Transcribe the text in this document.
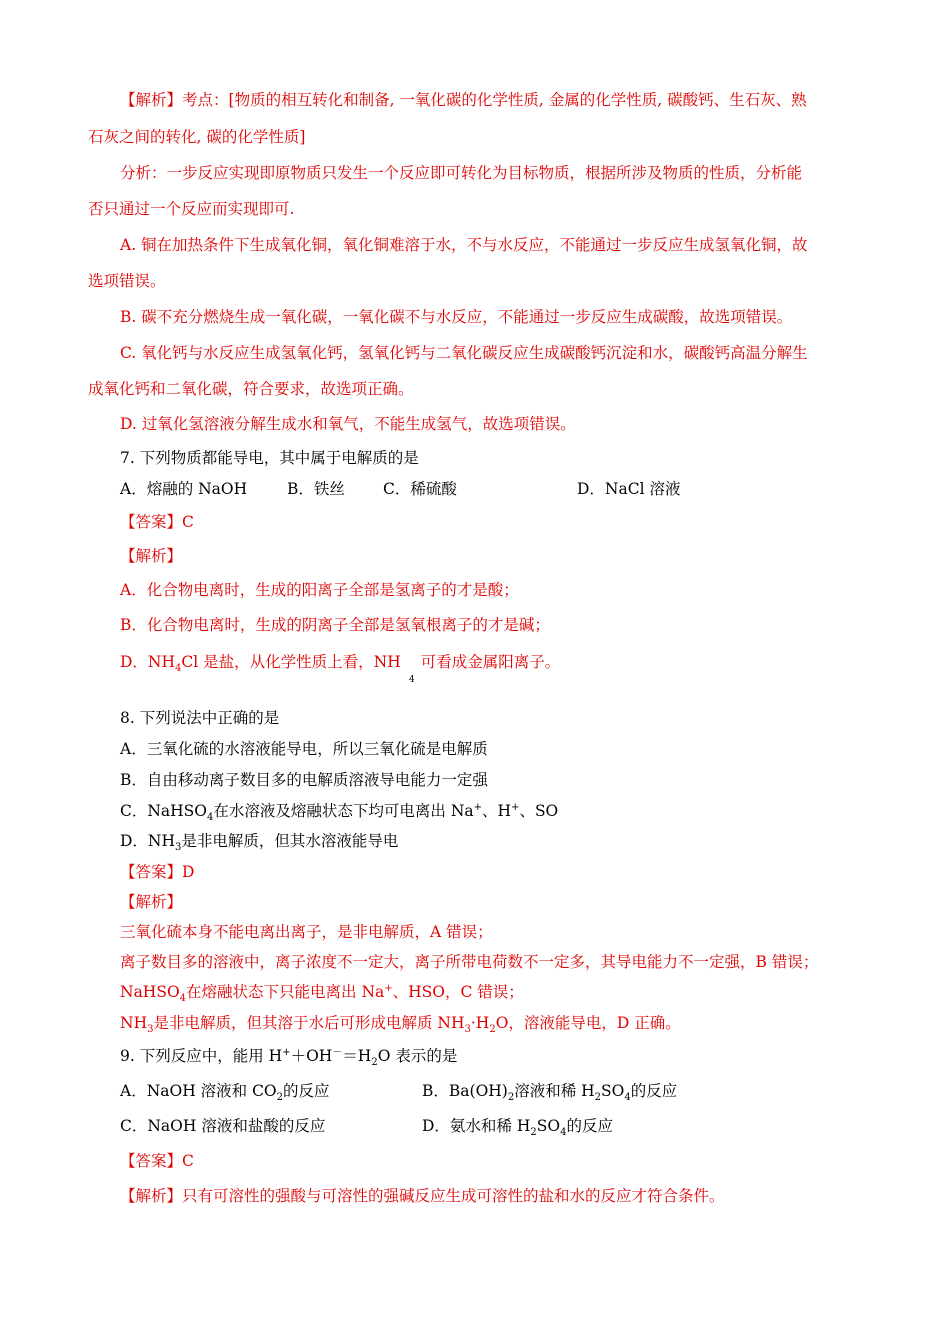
【解析】考点：[物质的相互转化和制备, 一氧化碳的化学性质, 金属的化学性质, 碳酸钙、生石灰、熟
石灰之间的转化, 碳的化学性质]
分析：一步反应实现即原物质只发生一个反应即可转化为目标物质，根据所涉及物质的性质，分析能
否只通过一个反应而实现即可.
A. 铜在加热条件下生成氧化铜，氧化铜难溶于水，不与水反应，不能通过一步反应生成氢氧化铜，故
选项错误。
B. 碳不充分燃烧生成一氧化碳，一氧化碳不与水反应，不能通过一步反应生成碳酸，故选项错误。
C. 氧化钙与水反应生成氢氧化钙，氢氧化钙与二氧化碳反应生成碳酸钙沉淀和水，碳酸钙高温分解生
成氧化钙和二氧化碳，符合要求，故选项正确。
D. 过氧化氢溶液分解生成水和氧气，不能生成氢气，故选项错误。
7. 下列物质都能导电，其中属于电解质的是
A．熔融的 NaOH	B．铁丝 C．稀硫酸	D．NaCl 溶液
【答案】C
【解析】
A．化合物电离时，生成的阳离子全部是氢离子的才是酸；
B．化合物电离时，生成的阴离子全部是氢氧根离子的才是碱；
D．$NH_4Cl$ 是盐，从化学性质上看，NH 可看成金属阳离子。
4
8. 下列说法中正确的是
A．三氧化硫的水溶液能导电，所以三氧化硫是电解质
B．自由移动离子数目多的电解质溶液导电能力一定强
C．NaHSO$_4$在水溶液及熔融状态下均可电离出 Na+、H+、SO
D．$NH_3$是非电解质，但其水溶液能导电
【答案】D
【解析】
三氧化硫本身不能电离出离子，是非电解质，A 错误；
离子数目多的溶液中，离子浓度不一定大，离子所带电荷数不一定多，其导电能力不一定强，B 错误；
NaHSO$_4$在熔融状态下只能电离出 Na+、HSO，C 错误；
$NH_3$是非电解质，但其溶于水后可形成电解质 $NH_3\cdot H_2O$，溶液能导电，D 正确。
9. 下列反应中，能用 $H^++OH^-=H_2O$ 表示的是
A．NaOH 溶液和 $CO_2$的反应	B．$Ba(OH)_2$溶液和稀 $H_2SO_4$的反应
C．NaOH 溶液和盐酸的反应	D．氨水和稀 $H_2SO_4$的反应
【答案】C
【解析】只有可溶性的强酸与可溶性的强碱反应生成可溶性的盐和水的反应才符合条件。
